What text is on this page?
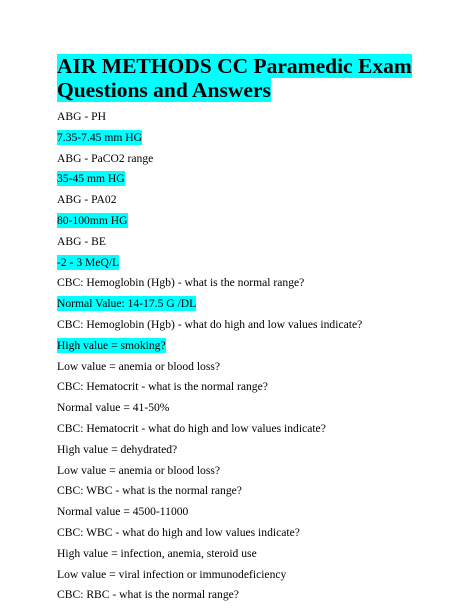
AIR METHODS CC Paramedic Exam
Questions and Answers
ABG - PH
7.35-7.45 mm HG
ABG - PaCO2 range
35-45 mm HG
ABG - PA02
80-100mm HG
ABG - BE
-2 - 3 MeQ/L
CBC: Hemoglobin (Hgb) - what is the normal range?
Normal Value: 14-17.5 G /DL
CBC: Hemoglobin (Hgb) - what do high and low values indicate?
High value = smoking?
Low value = anemia or blood loss?
CBC: Hematocrit - what is the normal range?
Normal value = 41-50%
CBC: Hematocrit - what do high and low values indicate?
High value = dehydrated?
Low value = anemia or blood loss?
CBC: WBC - what is the normal range?
Normal value = 4500-11000
CBC: WBC - what do high and low values indicate?
High value = infection, anemia, steroid use
Low value = viral infection or immunodeficiency
CBC: RBC - what is the normal range?
